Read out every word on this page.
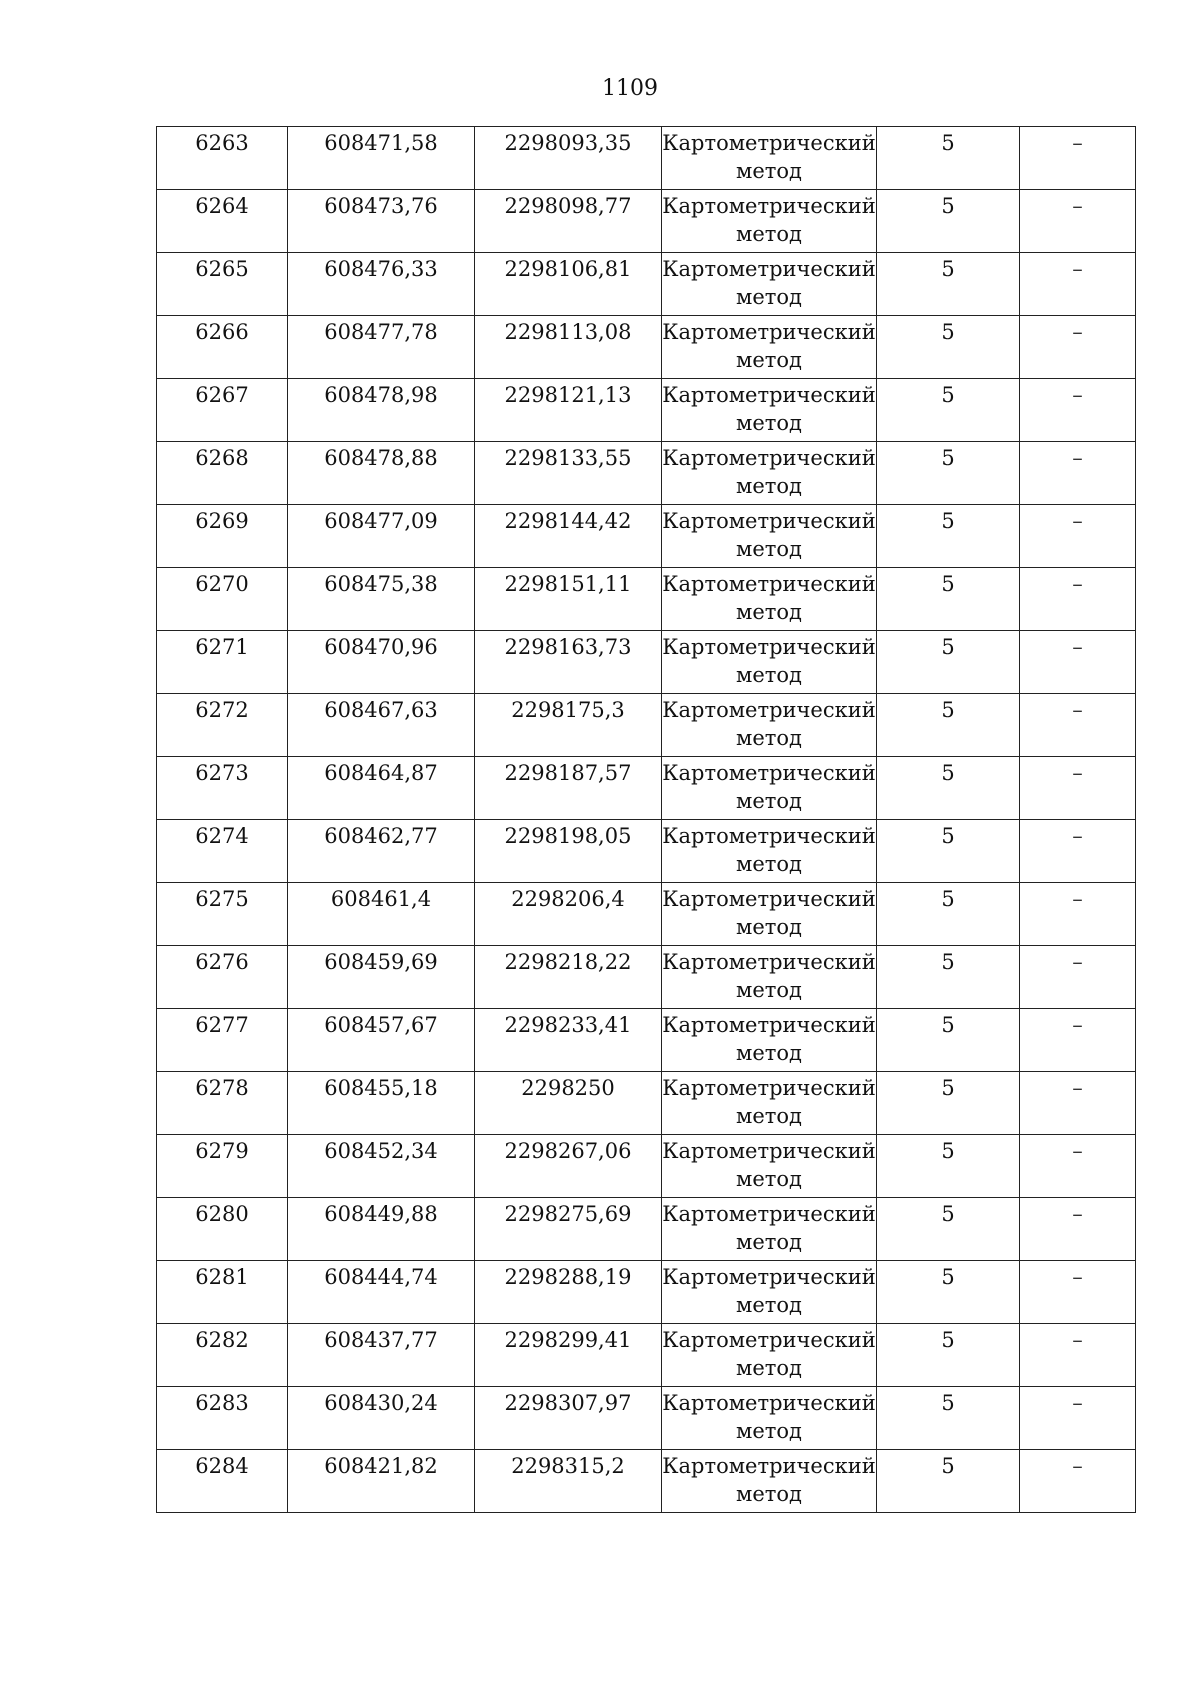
1109
6263	608471,58	2298093,35	Картометрический метод	5	–
6264	608473,76	2298098,77	Картометрический метод	5	–
6265	608476,33	2298106,81	Картометрический метод	5	–
6266	608477,78	2298113,08	Картометрический метод	5	–
6267	608478,98	2298121,13	Картометрический метод	5	–
6268	608478,88	2298133,55	Картометрический метод	5	–
6269	608477,09	2298144,42	Картометрический метод	5	–
6270	608475,38	2298151,11	Картометрический метод	5	–
6271	608470,96	2298163,73	Картометрический метод	5	–
6272	608467,63	2298175,3	Картометрический метод	5	–
6273	608464,87	2298187,57	Картометрический метод	5	–
6274	608462,77	2298198,05	Картометрический метод	5	–
6275	608461,4	2298206,4	Картометрический метод	5	–
6276	608459,69	2298218,22	Картометрический метод	5	–
6277	608457,67	2298233,41	Картометрический метод	5	–
6278	608455,18	2298250	Картометрический метод	5	–
6279	608452,34	2298267,06	Картометрический метод	5	–
6280	608449,88	2298275,69	Картометрический метод	5	–
6281	608444,74	2298288,19	Картометрический метод	5	–
6282	608437,77	2298299,41	Картометрический метод	5	–
6283	608430,24	2298307,97	Картометрический метод	5	–
6284	608421,82	2298315,2	Картометрический метод	5	–
